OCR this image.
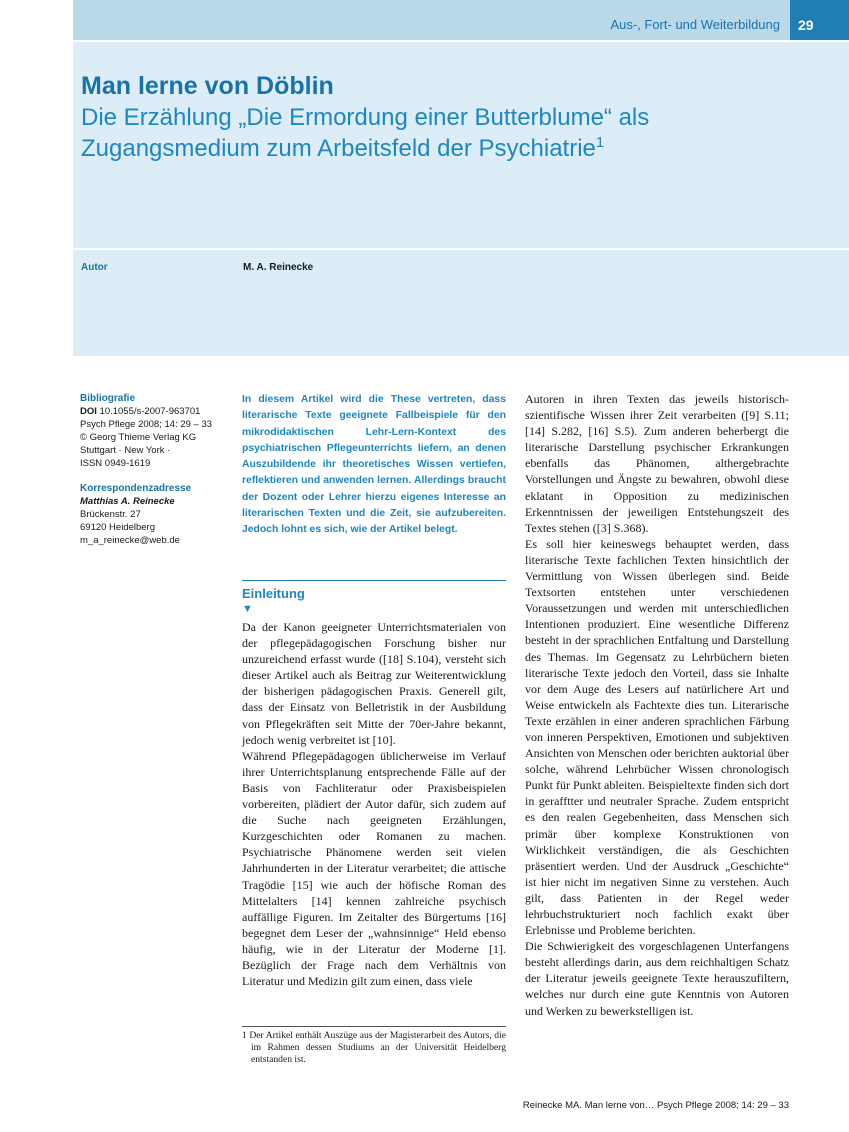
Aus-, Fort- und Weiterbildung	29
Man lerne von Döblin
Die Erzählung „Die Ermordung einer Butterblume“ als Zugangsmedium zum Arbeitsfeld der Psychiatrie$^1$
Autor	M. A. Reinecke
Bibliografie
DOI 10.1055/s-2007-963701
Psych Pflege 2008; 14: 29 – 33
© Georg Thieme Verlag KG
Stuttgart · New York ·
ISSN 0949-1619
Korrespondenzadresse
Matthias A. Reinecke
Brückenstr. 27
69120 Heidelberg
m_a_reinecke@web.de
In diesem Artikel wird die These vertreten, dass literarische Texte geeignete Fallbeispiele für den mikrodidaktischen Lehr-Lern-Kontext des psychiatrischen Pflegeunterrichts liefern, an denen Auszubildende ihr theoretisches Wissen vertiefen, reflektieren und anwenden lernen. Allerdings braucht der Dozent oder Lehrer hierzu eigenes Interesse an literarischen Texten und die Zeit, sie aufzubereiten. Jedoch lohnt es sich, wie der Artikel belegt.
Einleitung
▼

Da der Kanon geeigneter Unterrichtsmaterialen von der pflegepädagogischen Forschung bisher nur unzureichend erfasst wurde ([18] S.104), versteht sich dieser Artikel auch als Beitrag zur Weiterentwicklung der bisherigen pädagogischen Praxis. Generell gilt, dass der Einsatz von Belletristik in der Ausbildung von Pflegekräften seit Mitte der 70er-Jahre bekannt, jedoch wenig verbreitet ist [10].

Während Pflegepädagogen üblicherweise im Verlauf ihrer Unterrichtsplanung entsprechende Fälle auf der Basis von Fachliteratur oder Praxisbeispielen vorbereiten, plädiert der Autor dafür, sich zudem auf die Suche nach geeigneten Erzählungen, Kurzgeschichten oder Romanen zu machen. Psychiatrische Phänomene werden seit vielen Jahrhunderten in der Literatur verarbeitet; die attische Tragödie [15] wie auch der höfische Roman des Mittelalters [14] kennen zahlreiche psychisch auffällige Figuren. Im Zeitalter des Bürgertums [16] begegnet dem Leser der „wahnsinnige“ Held ebenso häufig, wie in der Literatur der Moderne [1]. Bezüglich der Frage nach dem Verhältnis von Literatur und Medizin gilt zum einen, dass viele

Autoren in ihren Texten das jeweils historisch-szientifische Wissen ihrer Zeit verarbeiten ([9] S.11; [14] S.282, [16] S.5). Zum anderen beherbergt die literarische Darstellung psychischer Erkrankungen ebenfalls das Phänomen, althergebrachte Vorstellungen und Ängste zu bewahren, obwohl diese eklatant in Opposition zu medizinischen Erkenntnissen der jeweiligen Entstehungszeit des Textes stehen ([3] S.368).

Es soll hier keineswegs behauptet werden, dass literarische Texte fachlichen Texten hinsichtlich der Vermittlung von Wissen überlegen sind. Beide Textsorten entstehen unter verschiedenen Voraussetzungen und werden mit unterschiedlichen Intentionen produziert. Eine wesentliche Differenz besteht in der sprachlichen Entfaltung und Darstellung des Themas. Im Gegensatz zu Lehrbüchern bieten literarische Texte jedoch den Vorteil, dass sie Inhalte vor dem Auge des Lesers auf natürlichere Art und Weise entwickeln als Fachtexte dies tun. Literarische Texte erzählen in einer anderen sprachlichen Färbung von inneren Perspektiven, Emotionen und subjektiven Ansichten von Menschen oder berichten auktorial über solche, während Lehrbücher Wissen chronologisch Punkt für Punkt ableiten. Beispieltexte finden sich dort in gerafftter und neutraler Sprache. Zudem entspricht es den realen Gegebenheiten, dass Menschen sich primär über komplexe Konstruktionen von Wirklichkeit verständigen, die als Geschichten präsentiert werden. Und der Ausdruck „Geschichte“ ist hier nicht im negativen Sinne zu verstehen. Auch gilt, dass Patienten in der Regel weder lehrbuchstrukturiert noch fachlich exakt über Erlebnisse und Probleme berichten.

Die Schwierigkeit des vorgeschlagenen Unterfangens besteht allerdings darin, aus dem reichhaltigen Schatz der Literatur jeweils geeignete Texte herauszufiltern, welches nur durch eine gute Kenntnis von Autoren und Werken zu bewerkstelligen ist.

1 Der Artikel enthält Auszüge aus der Magisterarbeit des Autors, die im Rahmen dessen Studiums an der Universität Heidelberg entstanden ist.
Reinecke MA. Man lerne von… Psych Pflege 2008; 14: 29 – 33
